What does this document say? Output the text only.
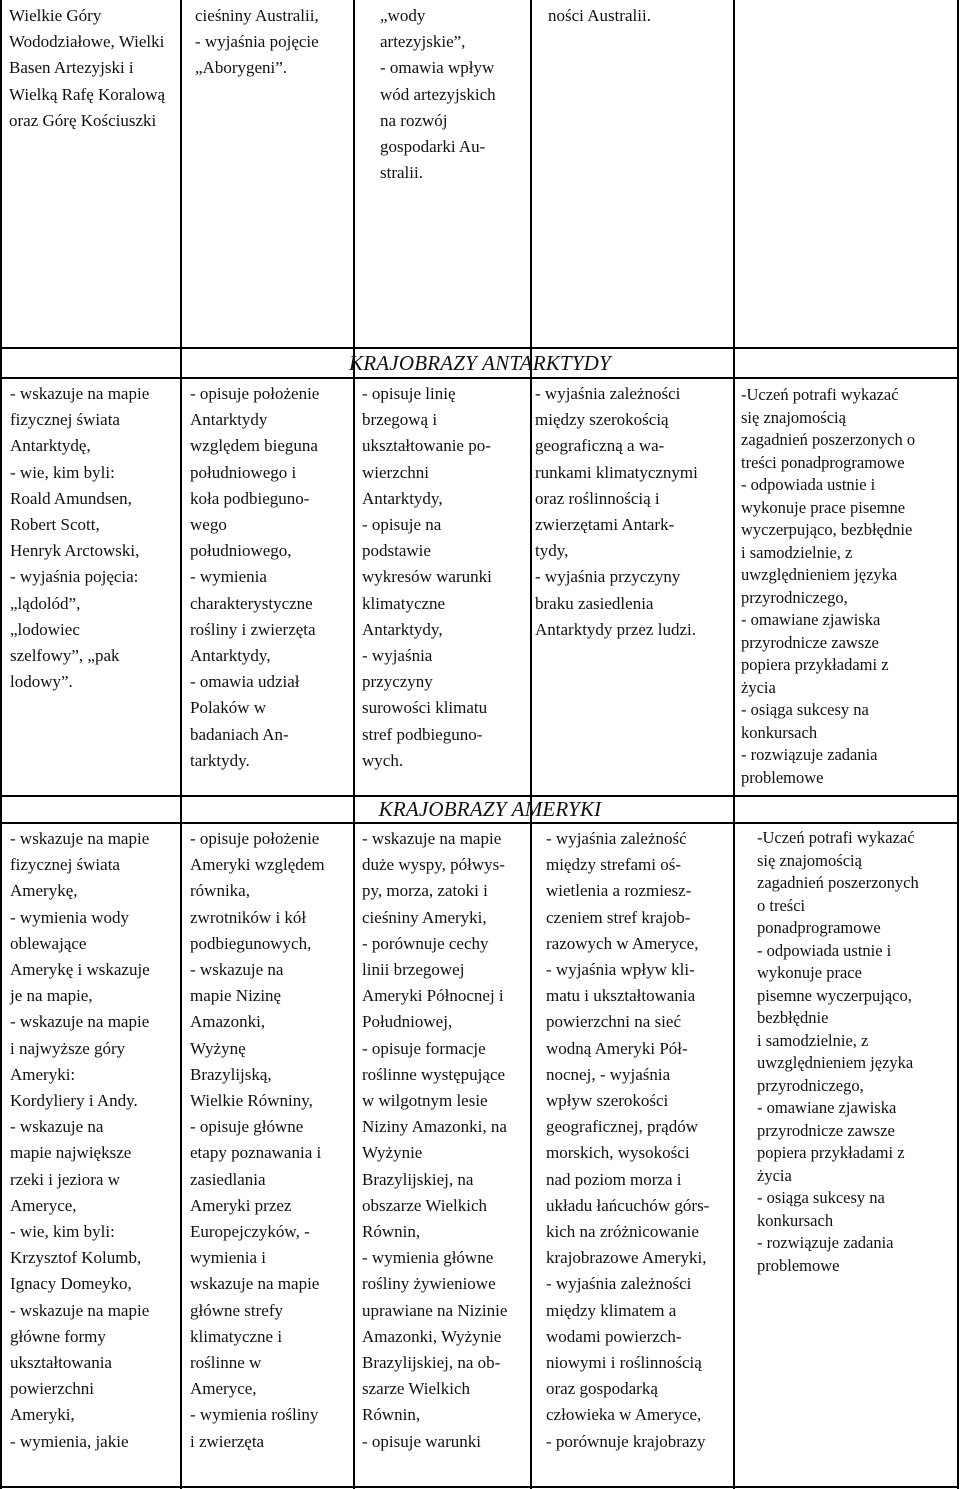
Wielkie Góry Wododziałowe, Wielki Basen Artezyjski i Wielką Rafę Koralową
oraz Górę Kościuszki

cieśniny Australii,
- wyjaśnia pojęcie
„Aborygeni”.

„wody
artezyjskie”,
- omawia wpływ
wód artezyjskich
na rozwój
gospodarki Au-
stralii.

ności Australii.

KRAJOBRAZY ANTARKTYDY

- wskazuje na mapie
fizycznej świata
Antarktydę,
- wie, kim byli:
Roald Amundsen,
Robert Scott,
Henryk Arctowski,
- wyjaśnia pojęcia:
„lądolód”,
„lodowiec
szelfowy”, „pak
lodowy”.

- opisuje położenie
Antarktydy
względem bieguna
południowego i
koła podbieguno-
wego
południowego,
- wymienia
charakterystyczne
rośliny i zwierzęta
Antarktydy,
- omawia udział
Polaków w
badaniach An-
tarktydy.

- opisuje linię
brzegową i
ukształtowanie po-
wierzchni
Antarktydy,
- opisuje na
podstawie
wykresów warunki
klimatyczne
Antarktydy,
- wyjaśnia
przyczyny
surowości klimatu
stref podbieguno-
wych.

- wyjaśnia zależności
między szerokością
geograficzną a wa-
runkami klimatycznymi
oraz roślinnością i
zwierzętami Antark-
tydy,
- wyjaśnia przyczyny
braku zasiedlenia
Antarktydy przez ludzi.

-Uczeń potrafi wykazać
się znajomością
zagadnień poszerzonych o
treści ponadprogramowe
- odpowiada ustnie i
wykonuje prace pisemne
wyczerpująco, bezbłędnie
i samodzielnie, z
uwzględnieniem języka
przyrodniczego,
- omawiane zjawiska
przyrodnicze zawsze
popiera przykładami z
życia
- osiąga sukcesy na
konkursach
- rozwiązuje zadania
problemowe

KRAJOBRAZY AMERYKI

- wskazuje na mapie
fizycznej świata
Amerykę,
- wymienia wody
oblewające
Amerykę i wskazuje
je na mapie,
- wskazuje na mapie
i najwyższe góry
Ameryki:
Kordyliery i Andy.
- wskazuje na
mapie największe
rzeki i jeziora w
Ameryce,
- wie, kim byli:
Krzysztof Kolumb,
Ignacy Domeyko,
- wskazuje na mapie
główne formy
ukształtowania
powierzchni
Ameryki,
- wymienia, jakie

- opisuje położenie
Ameryki względem
równika,
zwrotników i kół
podbiegunowych,
- wskazuje na
mapie Nizinę
Amazonki,
Wyżynę
Brazylijską,
Wielkie Równiny,
- opisuje główne
etapy poznawania i
zasiedlania
Ameryki przez
Europejczyków, -
wymienia i
wskazuje na mapie
główne strefy
klimatyczne i
roślinne w
Ameryce,
- wymienia rośliny
i zwierzęta

- wskazuje na mapie
duże wyspy, półwys-
py, morza, zatoki i
cieśniny Ameryki,
- porównuje cechy
linii brzegowej
Ameryki Północnej i
Południowej,
- opisuje formacje
roślinne występujące
w wilgotnym lesie
Niziny Amazonki, na
Wyżynie
Brazylijskiej, na
obszarze Wielkich
Równin,
- wymienia główne
rośliny żywieniowe
uprawiane na Nizinie
Amazonki, Wyżynie
Brazylijskiej, na ob-
szarze Wielkich
Równin,
- opisuje warunki

- wyjaśnia zależność
między strefami oś-
wietlenia a rozmiesz-
czeniem stref krajob-
razowych w Ameryce,
- wyjaśnia wpływ kli-
matu i ukształtowania
powierzchni na sieć
wodną Ameryki Pół-
nocnej, - wyjaśnia
wpływ szerokości
geograficznej, prądów
morskich, wysokości
nad poziom morza i
układu łańcuchów górs-
kich na zróżnicowanie
krajobrazowe Ameryki,
- wyjaśnia zależności
między klimatem a
wodami powierzch-
niowymi i roślinnością
oraz gospodarką
człowieka w Ameryce,
- porównuje krajobrazy

-Uczeń potrafi wykazać
się znajomością
zagadnień poszerzonych
o treści
ponadprogramowe
- odpowiada ustnie i
wykonuje prace
pisemne wyczerpująco,
bezbłędnie
i samodzielnie, z
uwzględnieniem języka
przyrodniczego,
- omawiane zjawiska
przyrodnicze zawsze
popiera przykładami z
życia
- osiąga sukcesy na
konkursach
- rozwiązuje zadania
problemowe
